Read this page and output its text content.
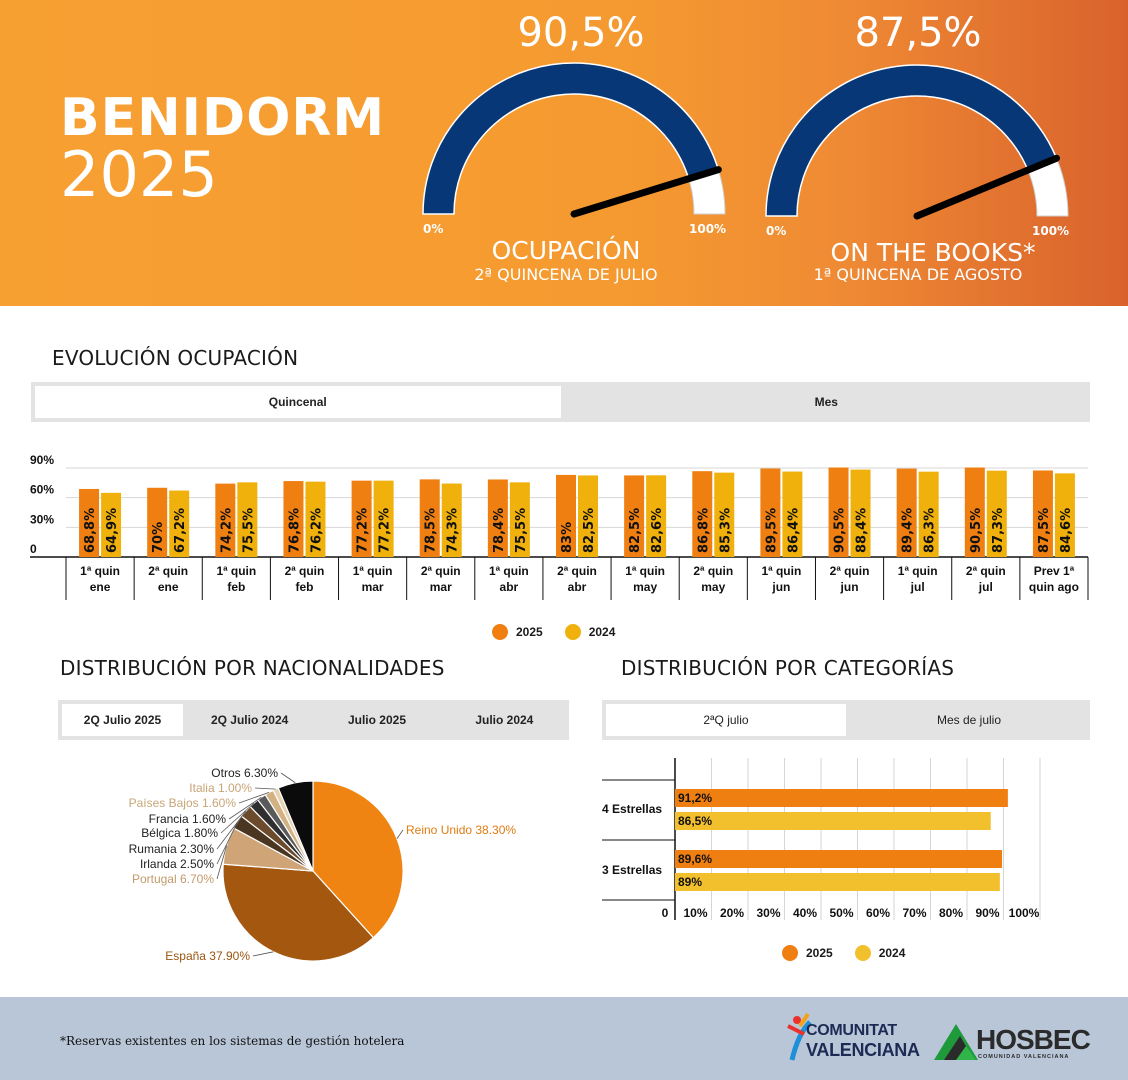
BENIDORM
2025
90,5%
0%	100%
OCUPACIÓN
2ª QUINCENA DE JULIO
87,5%
0%	100%
ON THE BOOKS*
1ª QUINCENA DE AGOSTO
EVOLUCIÓN OCUPACIÓN
Quincenal	Mes
0
30%
60%
90%
68,8% 64,9%
1ª quin
ene
70% 67,2%
2ª quin
ene
74,2% 75,5%
1ª quin
feb
76,8% 76,2%
2ª quin
feb
77,2% 77,2%
1ª quin
mar
78,5% 74,3%
2ª quin
mar
78,4% 75,5%
1ª quin
abr
83% 82,5%
2ª quin
abr
82,5% 82,6%
1ª quin
may
86,8% 85,3%
2ª quin
may
89,5% 86,4%
1ª quin
jun
90,5% 88,4%
2ª quin
jun
89,4% 86,3%
1ª quin
jul
90,5% 87,3%
2ª quin
jul
87,5% 84,6%
Prev 1ª
quin ago
2025	2024
DISTRIBUCIÓN POR NACIONALIDADES
2Q Julio 2025	2Q Julio 2024	Julio 2025	Julio 2024
Reino Unido 38.30%
España 37.90%
Portugal 6.70%
Irlanda 2.50%
Rumania 2.30%
Bélgica 1.80%
Francia 1.60%
Países Bajos 1.60%
Italia 1.00%
Otros 6.30%
DISTRIBUCIÓN POR CATEGORÍAS
2ªQ julio	Mes de julio
0 10% 20% 30% 40% 50% 60% 70% 80% 90% 100%
4 Estrellas
91,2%
86,5%
3 Estrellas
89,6%
89%
2025	2024
*Reservas existentes en los sistemas de gestión hotelera
COMUNITAT
VALENCIANA HOSBEC
COMUNIDAD VALENCIANA
